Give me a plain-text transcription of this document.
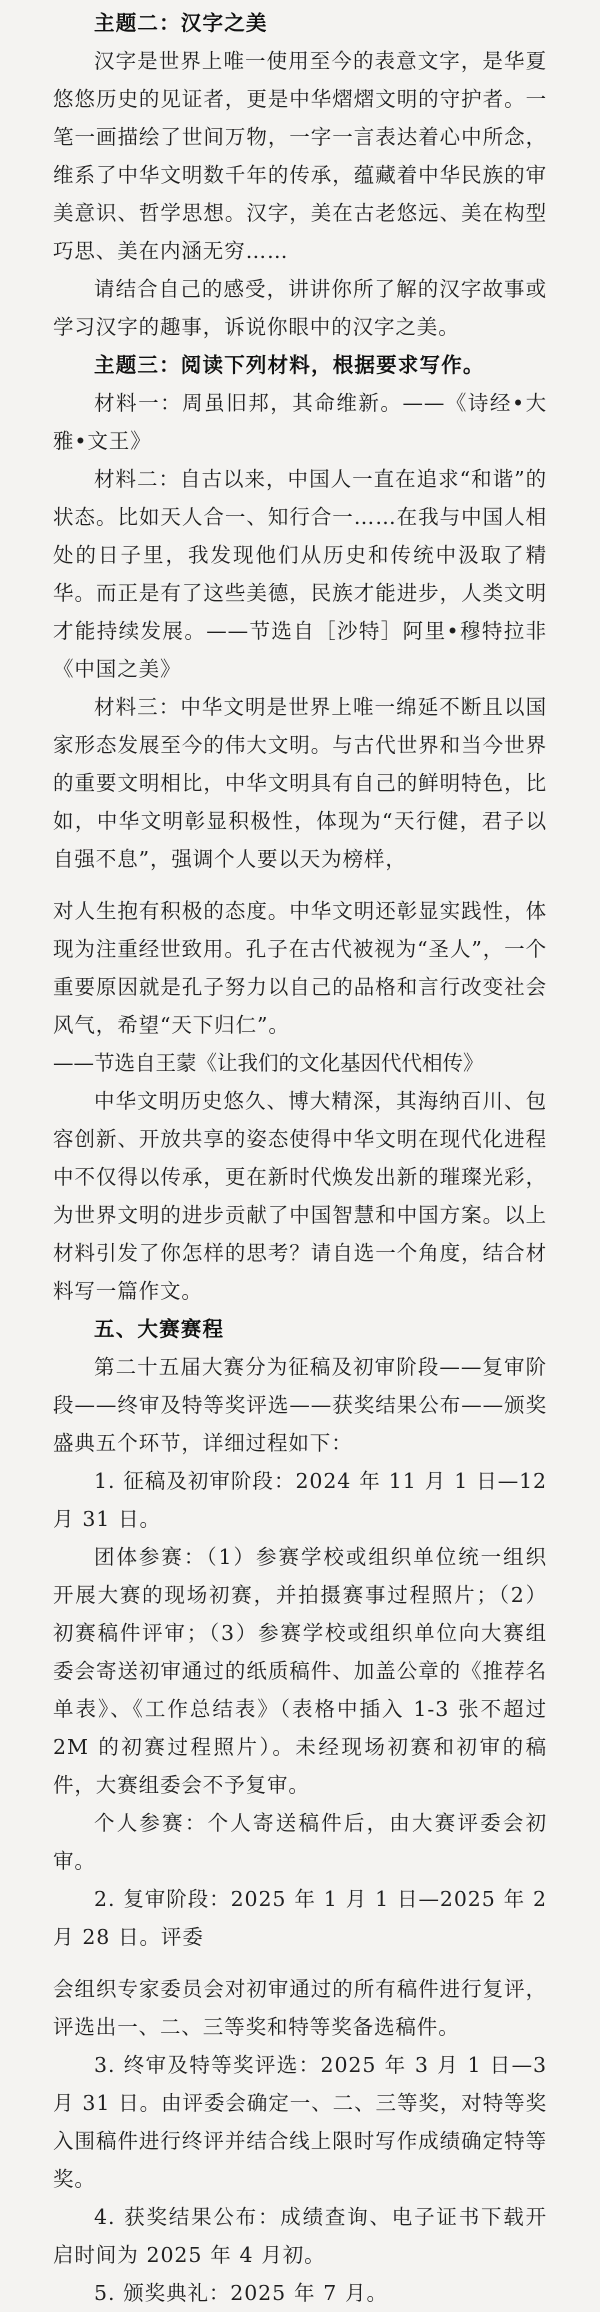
主题二：汉字之美

汉字是世界上唯一使用至今的表意文字，是华夏悠悠历史的见证者，更是中华熠熠文明的守护者。一笔一画描绘了世间万物，一字一言表达着心中所念，维系了中华文明数千年的传承，蕴藏着中华民族的审美意识、哲学思想。汉字，美在古老悠远、美在构型巧思、美在内涵无穷……

请结合自己的感受，讲讲你所了解的汉字故事或学习汉字的趣事，诉说你眼中的汉字之美。

主题三：阅读下列材料，根据要求写作。

材料一：周虽旧邦，其命维新。——《诗经•大雅•文王》

材料二：自古以来，中国人一直在追求“和谐”的状态。比如天人合一、知行合一……在我与中国人相处的日子里，我发现他们从历史和传统中汲取了精华。而正是有了这些美德，民族才能进步，人类文明才能持续发展。——节选自［沙特］阿里•穆特拉非《中国之美》

材料三：中华文明是世界上唯一绵延不断且以国家形态发展至今的伟大文明。与古代世界和当今世界的重要文明相比，中华文明具有自己的鲜明特色，比如，中华文明彰显积极性，体现为“天行健，君子以自强不息”，强调个人要以天为榜样，

对人生抱有积极的态度。中华文明还彰显实践性，体现为注重经世致用。孔子在古代被视为“圣人”，一个重要原因就是孔子努力以自己的品格和言行改变社会风气，希望“天下归仁”。

——节选自王蒙《让我们的文化基因代代相传》

中华文明历史悠久、博大精深，其海纳百川、包容创新、开放共享的姿态使得中华文明在现代化进程中不仅得以传承，更在新时代焕发出新的璀璨光彩，为世界文明的进步贡献了中国智慧和中国方案。以上材料引发了你怎样的思考？请自选一个角度，结合材料写一篇作文。

五、大赛赛程

第二十五届大赛分为征稿及初审阶段——复审阶段——终审及特等奖评选——获奖结果公布——颁奖盛典五个环节，详细过程如下：

1. 征稿及初审阶段：2024 年 11 月 1 日—12 月 31 日。

团体参赛：（1）参赛学校或组织单位统一组织开展大赛的现场初赛，并拍摄赛事过程照片；（2）初赛稿件评审；（3）参赛学校或组织单位向大赛组委会寄送初审通过的纸质稿件、加盖公章的《推荐名单表》、《工作总结表》（表格中插入 1-3 张不超过 2M 的初赛过程照片）。未经现场初赛和初审的稿件，大赛组委会不予复审。

个人参赛：个人寄送稿件后，由大赛评委会初审。

2. 复审阶段：2025 年 1 月 1 日—2025 年 2 月 28 日。评委

会组织专家委员会对初审通过的所有稿件进行复评，评选出一、二、三等奖和特等奖备选稿件。

3. 终审及特等奖评选：2025 年 3 月 1 日—3 月 31 日。由评委会确定一、二、三等奖，对特等奖入围稿件进行终评并结合线上限时写作成绩确定特等奖。

4. 获奖结果公布：成绩查询、电子证书下载开启时间为 2025 年 4 月初。

5. 颁奖典礼：2025 年 7 月。
